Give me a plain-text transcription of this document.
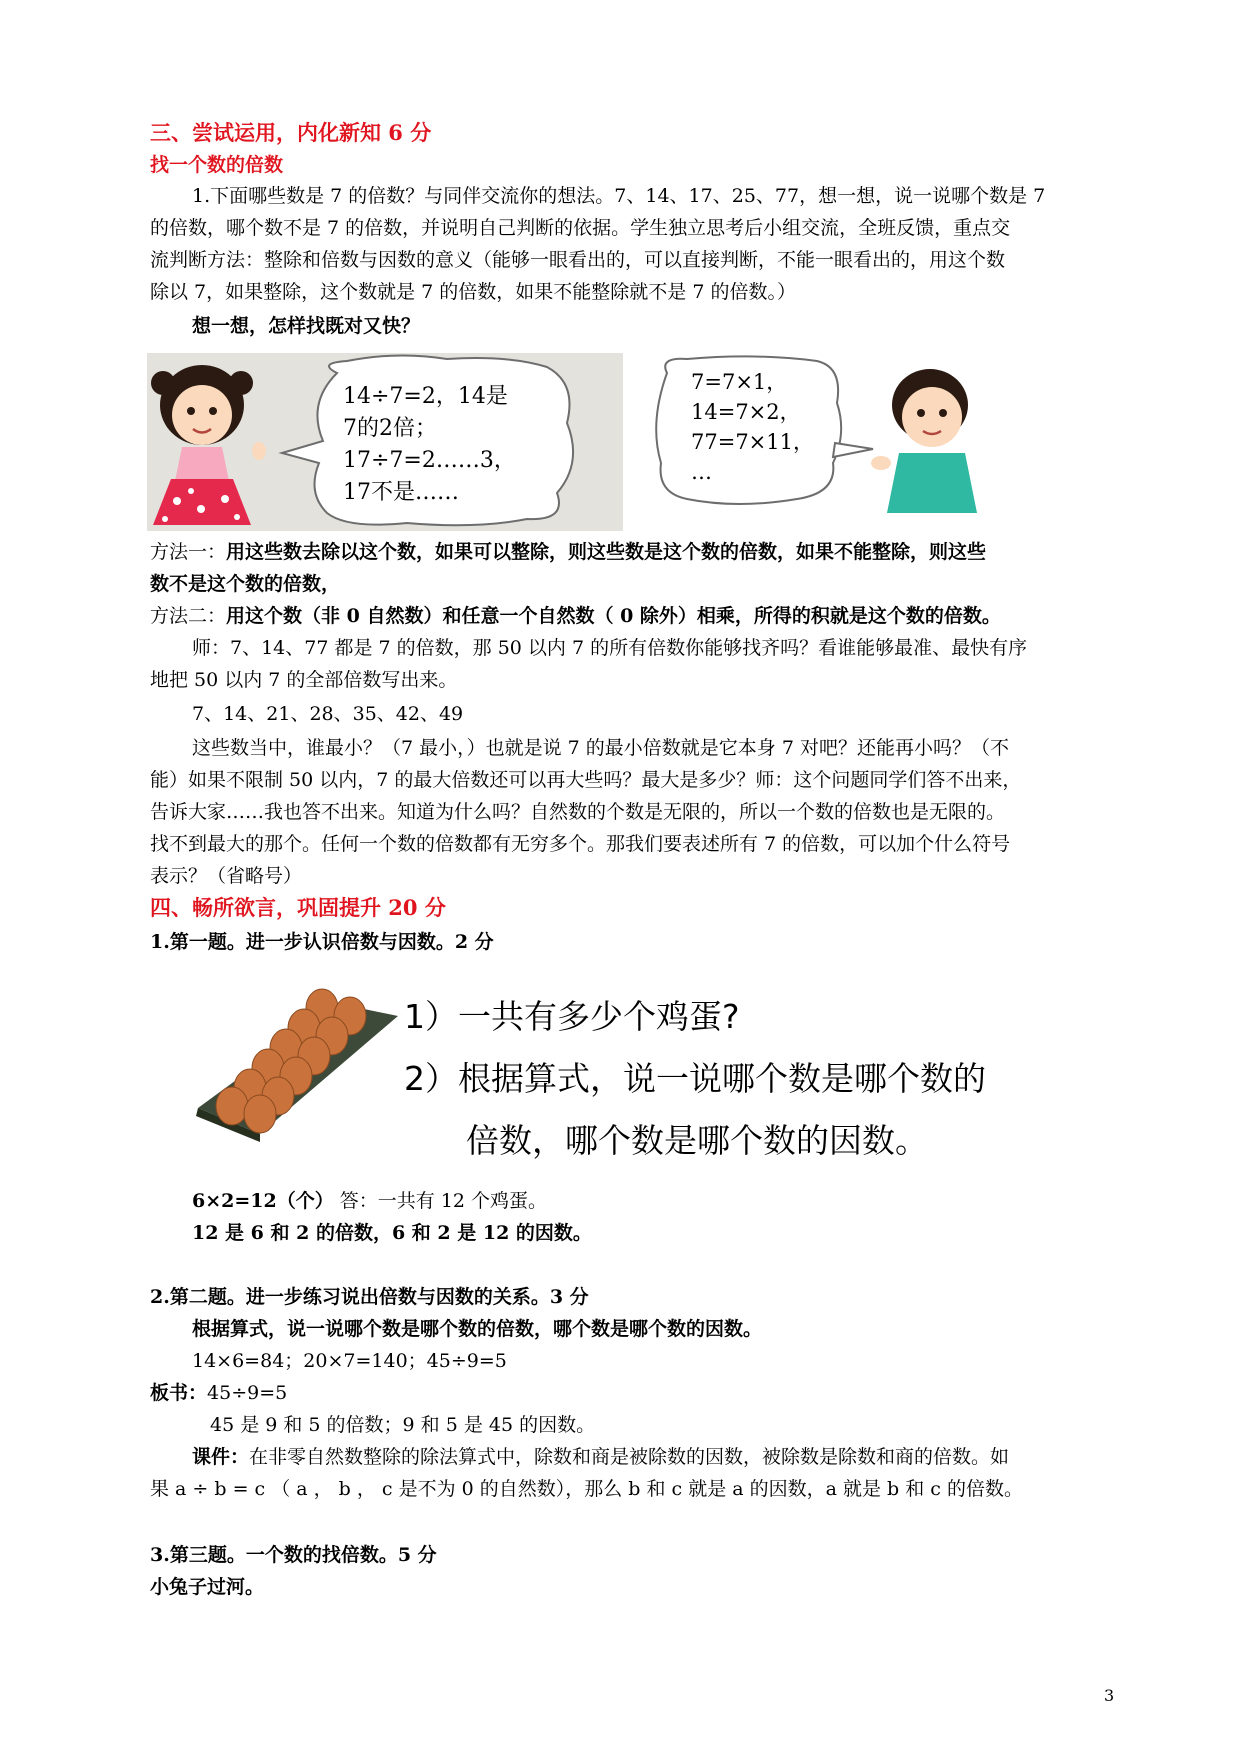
三、尝试运用，内化新知 6 分
找一个数的倍数
1.下面哪些数是 7 的倍数？与同伴交流你的想法。7、14、17、25、77，想一想，说一说哪个数是 7
的倍数，哪个数不是 7 的倍数，并说明自己判断的依据。学生独立思考后小组交流，全班反馈，重点交
流判断方法：整除和倍数与因数的意义（能够一眼看出的，可以直接判断，不能一眼看出的，用这个数
除以 7，如果整除，这个数就是 7 的倍数，如果不能整除就不是 7 的倍数。）
想一想，怎样找既对又快？
14÷7=2，14是
7的2倍；
17÷7=2……3，
17不是……
7=7×1，
14=7×2，
77=7×11，
…
方法一：用这些数去除以这个数，如果可以整除，则这些数是这个数的倍数，如果不能整除，则这些
数不是这个数的倍数，
方法二：用这个数（非 0 自然数）和任意一个自然数（ 0 除外）相乘，所得的积就是这个数的倍数。
师：7、14、77 都是 7 的倍数，那 50 以内 7 的所有倍数你能够找齐吗？看谁能够最准、最快有序
地把 50 以内 7 的全部倍数写出来。
7、14、21、28、35、42、49
这些数当中，谁最小？（7 最小，）也就是说 7 的最小倍数就是它本身 7 对吧？还能再小吗？（不
能）如果不限制 50 以内，7 的最大倍数还可以再大些吗？最大是多少？师：这个问题同学们答不出来，
告诉大家……我也答不出来。知道为什么吗？自然数的个数是无限的，所以一个数的倍数也是无限的。
找不到最大的那个。任何一个数的倍数都有无穷多个。那我们要表述所有 7 的倍数，可以加个什么符号
表示？（省略号）
四、畅所欲言，巩固提升 20 分
1.第一题。进一步认识倍数与因数。2 分
1）一共有多少个鸡蛋?
2）根据算式，说一说哪个数是哪个数的
倍数，哪个数是哪个数的因数。
6×2=12（个） 答：一共有 12 个鸡蛋。
12 是 6 和 2 的倍数，6 和 2 是 12 的因数。
2.第二题。进一步练习说出倍数与因数的关系。3 分
根据算式，说一说哪个数是哪个数的倍数，哪个数是哪个数的因数。
14×6=84；20×7=140；45÷9=5
板书：45÷9=5
45 是 9 和 5 的倍数；9 和 5 是 45 的因数。
课件：在非零自然数整除的除法算式中，除数和商是被除数的因数，被除数是除数和商的倍数。如
果 a ÷ b = c （ a ， b ， c 是不为 0 的自然数），那么 b 和 c 就是 a 的因数，a 就是 b 和 c 的倍数。
3.第三题。一个数的找倍数。5 分
小兔子过河。
3
